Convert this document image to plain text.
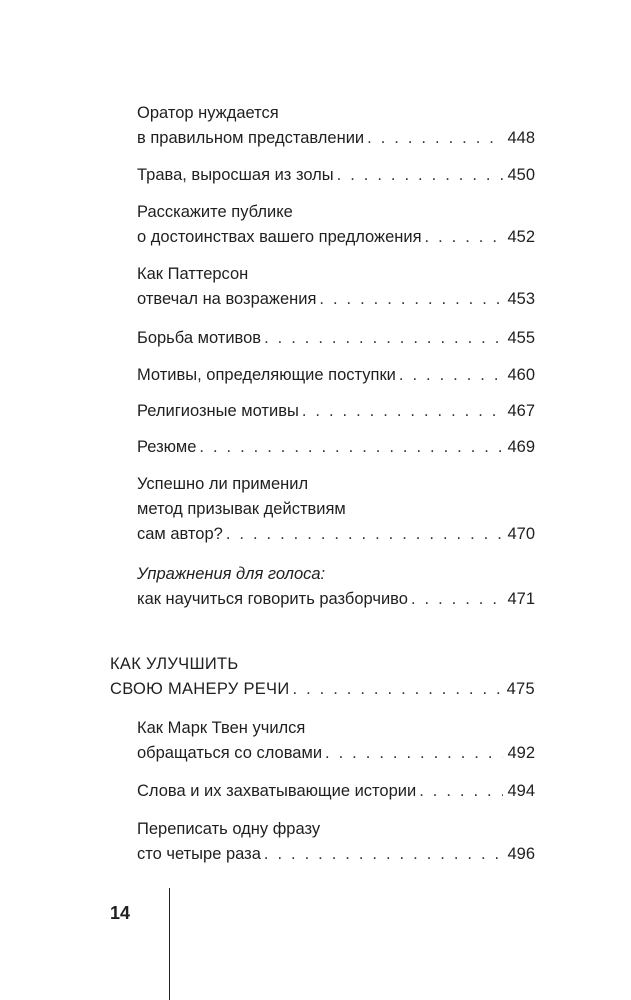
Оратор нуждается
в правильном представлении . . .	448
Трава, выросшая из золы . . .	450
Расскажите публике
о достоинствах вашего предложения . . .	452
Как Паттерсон
отвечал на возражения . . .	453
Борьба мотивов . . .	455
Мотивы, определяющие поступки . . .	460
Религиозные мотивы . . .	467
Резюме . . .	469
Успешно ли применил
метод призывак действиям
сам автор? . . .	470
Упражнения для голоса:
как научиться говорить разборчиво . . .	471
КАК УЛУЧШИТЬ
СВОЮ МАНЕРУ РЕЧИ . . .	475
Как Марк Твен учился
обращаться со словами . . .	492
Слова и их захватывающие истории . . .	494
Переписать одну фразу
сто четыре раза . . .	496
14
